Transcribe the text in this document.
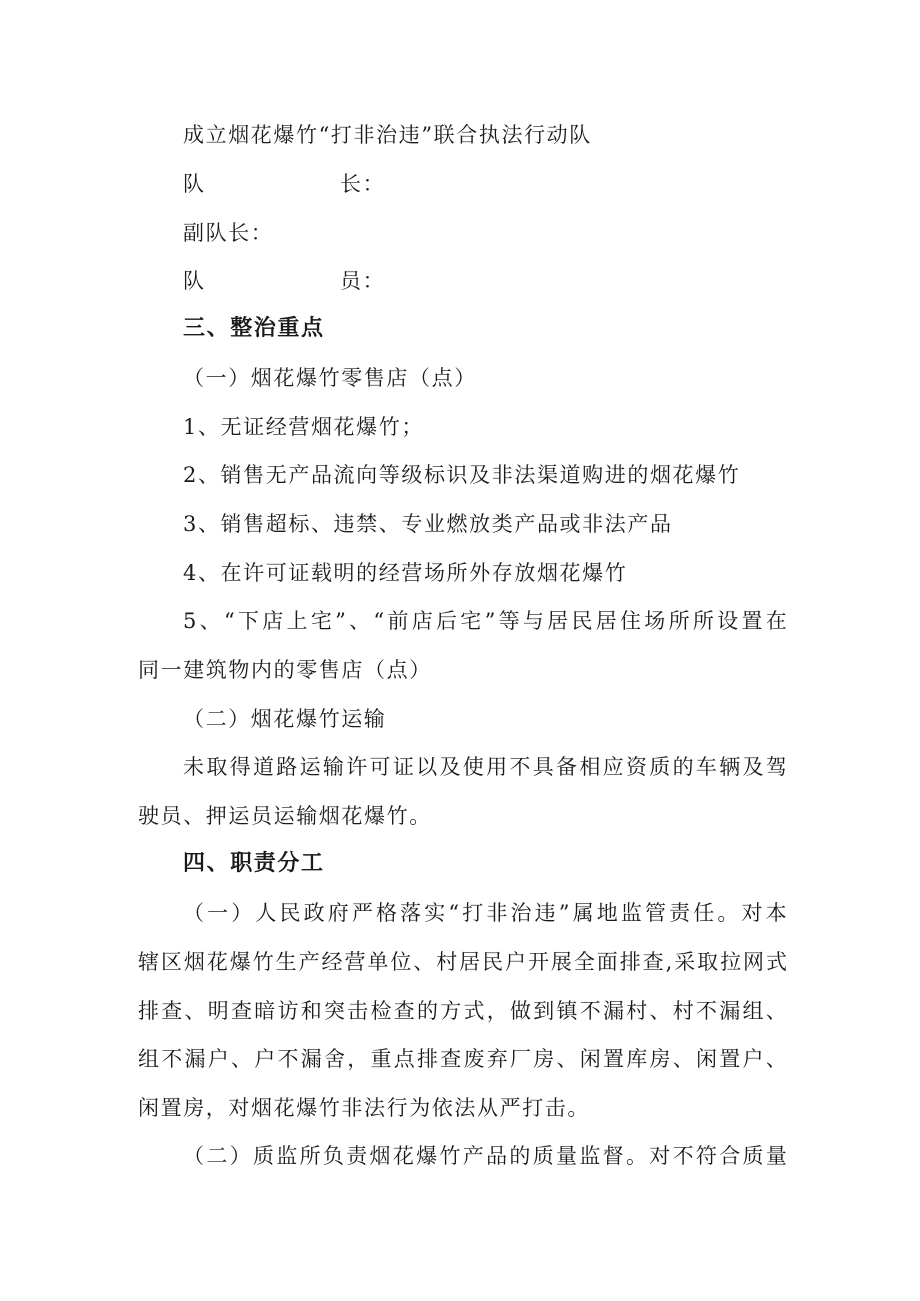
成立烟花爆竹“打非治违”联合执法行动队

队	长：

副队长：

队	员：

三、整治重点

（一）烟花爆竹零售店（点）

1、无证经营烟花爆竹；

2、销售无产品流向等级标识及非法渠道购进的烟花爆竹

3、销售超标、违禁、专业燃放类产品或非法产品

4、在许可证载明的经营场所外存放烟花爆竹

5 、 “ 下 店 上 宅 ” 、 “ 前 店 后 宅 ” 等 与 居 民 居 住 场 所 所 设 置 在

同一建筑物内的零售店（点）

（二）烟花爆竹运输

未 取 得 道 路 运 输 许 可 证 以 及 使 用 不 具 备 相 应 资 质 的 车 辆 及 驾

驶员、押运员运输烟花爆竹。

四、职责分工

（ 一 ） 人 民 政 府 严 格 落 实 “ 打 非 治 违 ” 属 地 监 管 责 任 。 对 本

辖 区 烟 花 爆 竹 生 产 经 营 单 位 、 村 居 民 户 开 展 全 面 排 查 , 采 取 拉 网 式

排 查 、 明 查 暗 访 和 突 击 检 查 的 方 式 ， 做 到 镇 不 漏 村 、 村 不 漏 组 、

组 不 漏 户 、 户 不 漏 舍 ， 重 点 排 查 废 弃 厂 房 、 闲 置 库 房 、 闲 置 户 、

闲置房，对烟花爆竹非法行为依法从严打击。

（ 二 ） 质 监 所 负 责 烟 花 爆 竹 产 品 的 质 量 监 督 。 对 不 符 合 质 量
